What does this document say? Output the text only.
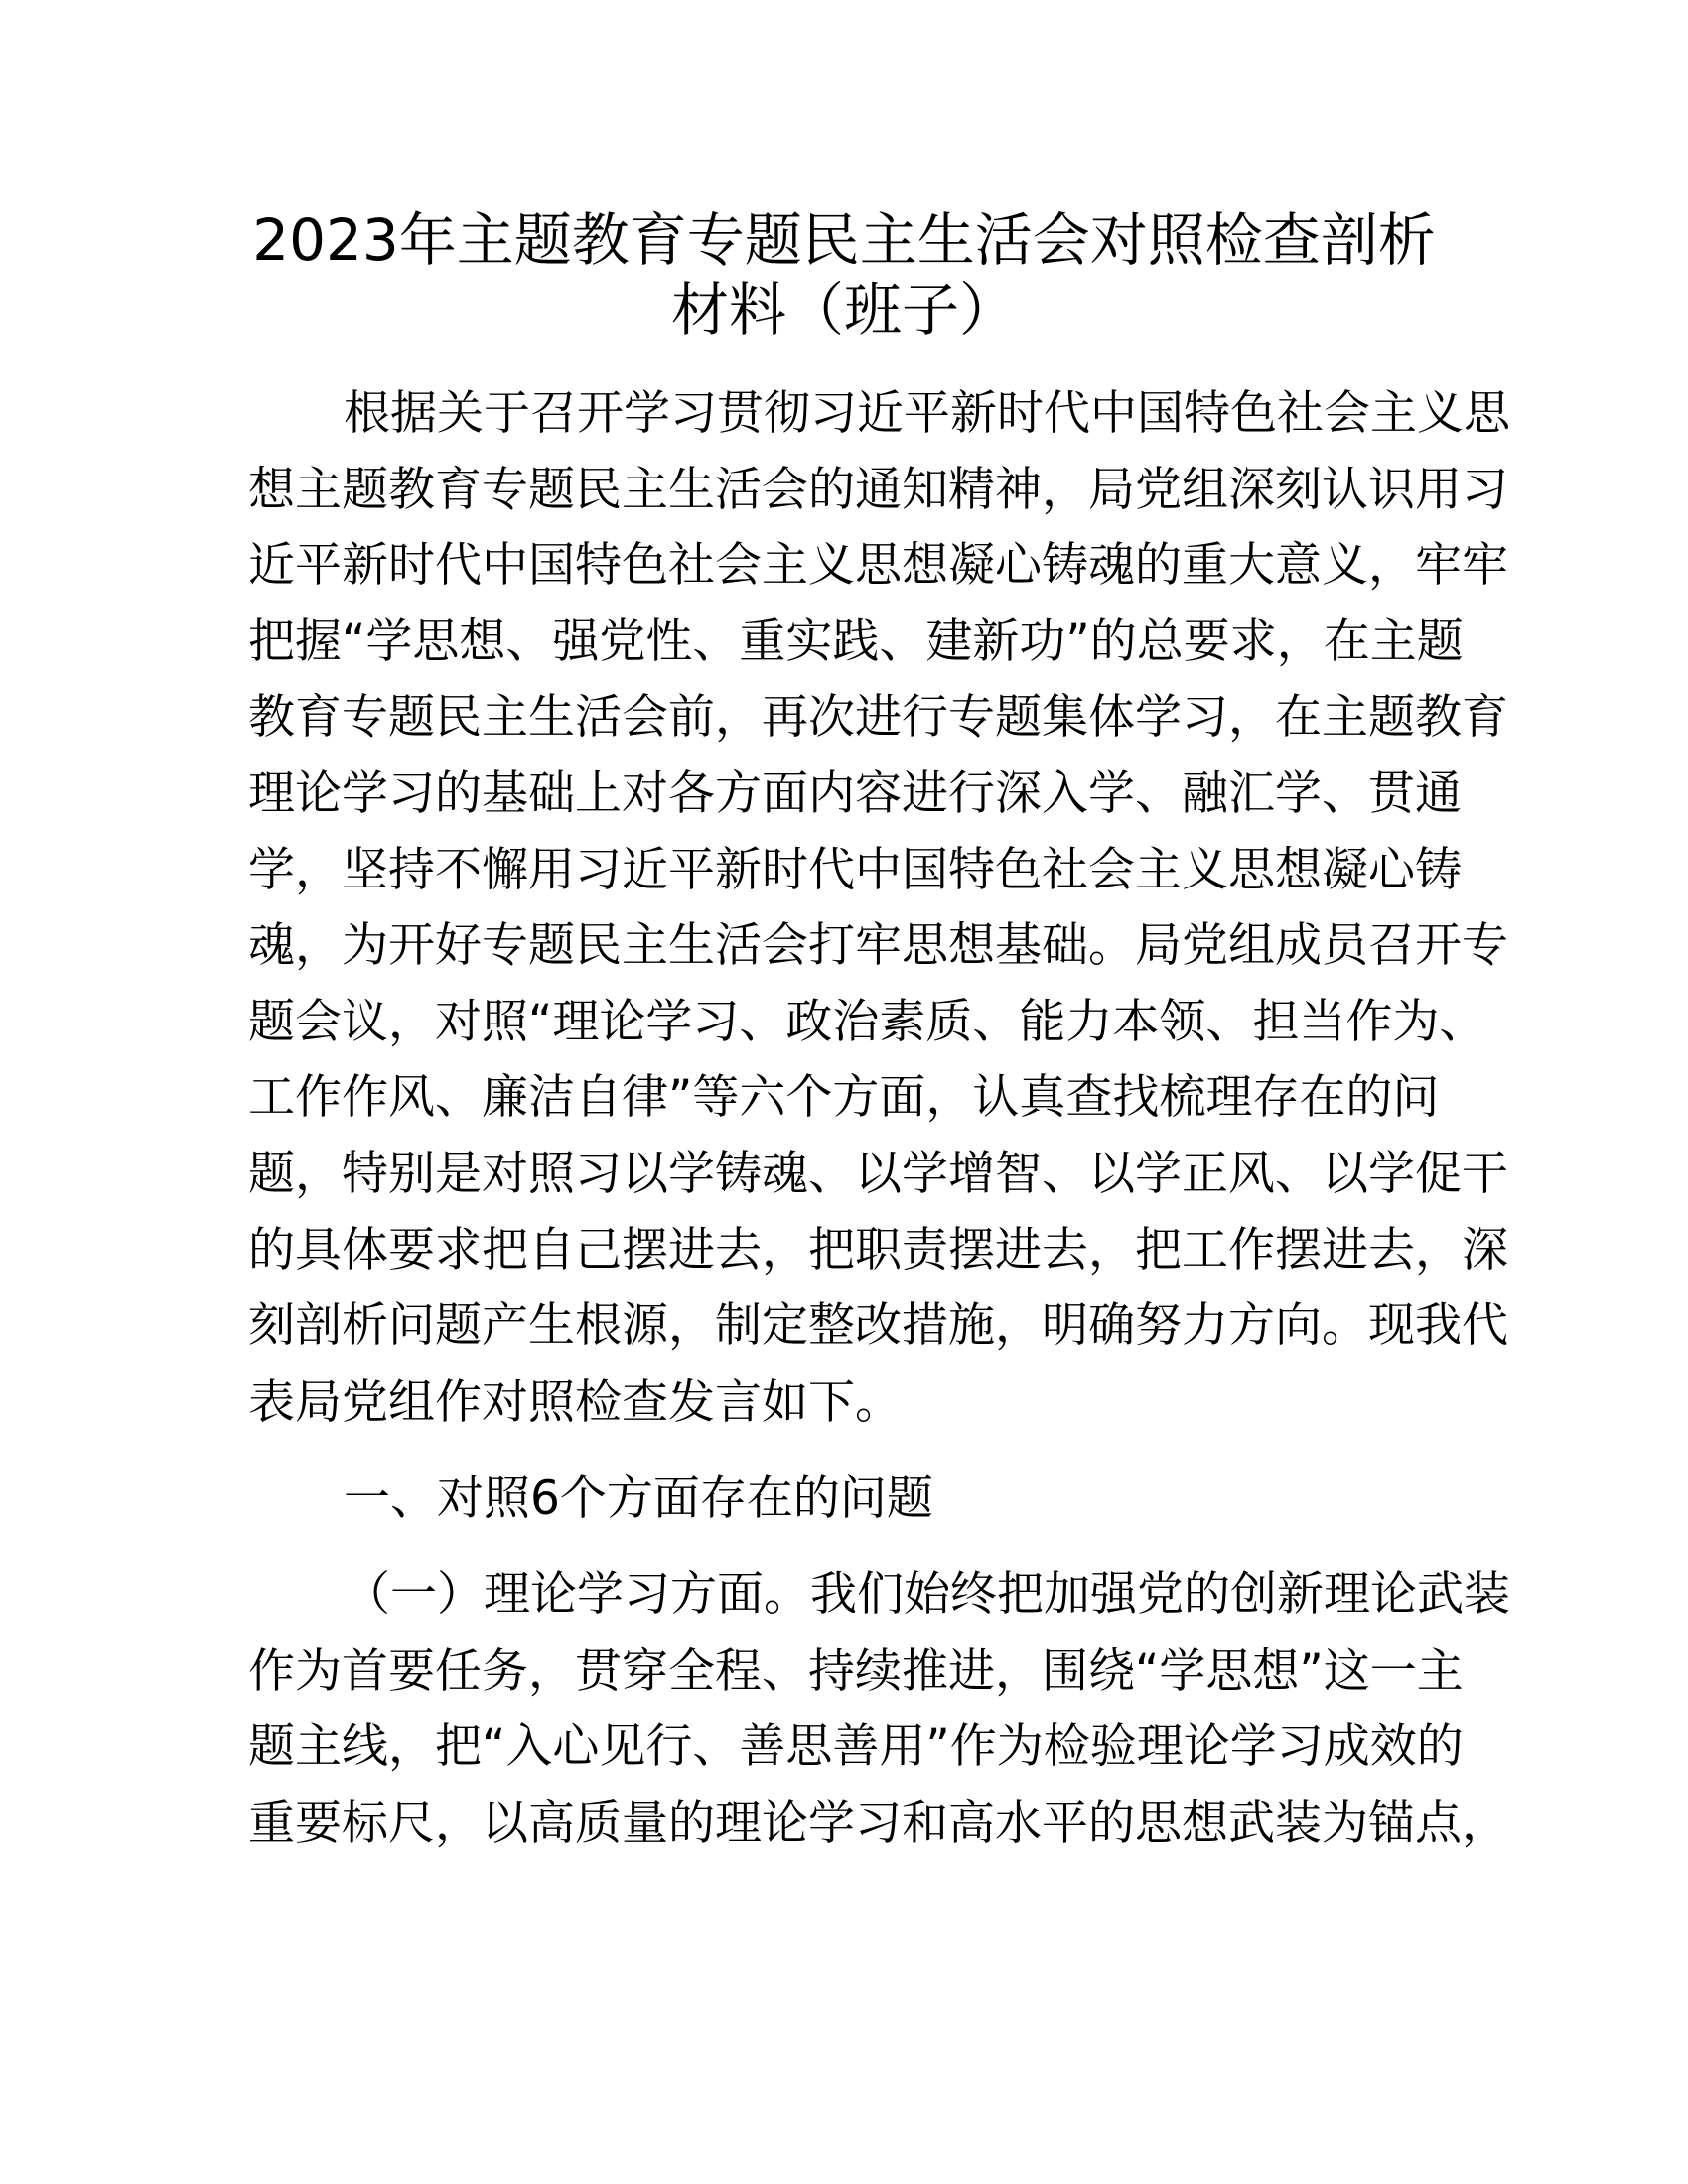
2023年主题教育专题民主生活会对照检查剖析
材料（班子）
根据关于召开学习贯彻习近平新时代中国特色社会主义思
想主题教育专题民主生活会的通知精神，局党组深刻认识用习
近平新时代中国特色社会主义思想凝心铸魂的重大意义，牢牢
把握“学思想、强党性、重实践、建新功”的总要求，在主题
教育专题民主生活会前，再次进行专题集体学习，在主题教育
理论学习的基础上对各方面内容进行深入学、融汇学、贯通
学，坚持不懈用习近平新时代中国特色社会主义思想凝心铸
魂，为开好专题民主生活会打牢思想基础。局党组成员召开专
题会议，对照“理论学习、政治素质、能力本领、担当作为、
工作作风、廉洁自律”等六个方面，认真查找梳理存在的问
题，特别是对照习以学铸魂、以学增智、以学正风、以学促干
的具体要求把自己摆进去，把职责摆进去，把工作摆进去，深
刻剖析问题产生根源，制定整改措施，明确努力方向。现我代
表局党组作对照检查发言如下。
一、对照6个方面存在的问题
（一）理论学习方面。我们始终把加强党的创新理论武装
作为首要任务，贯穿全程、持续推进，围绕“学思想”这一主
题主线，把“入心见行、善思善用”作为检验理论学习成效的
重要标尺，以高质量的理论学习和高水平的思想武装为锚点，
